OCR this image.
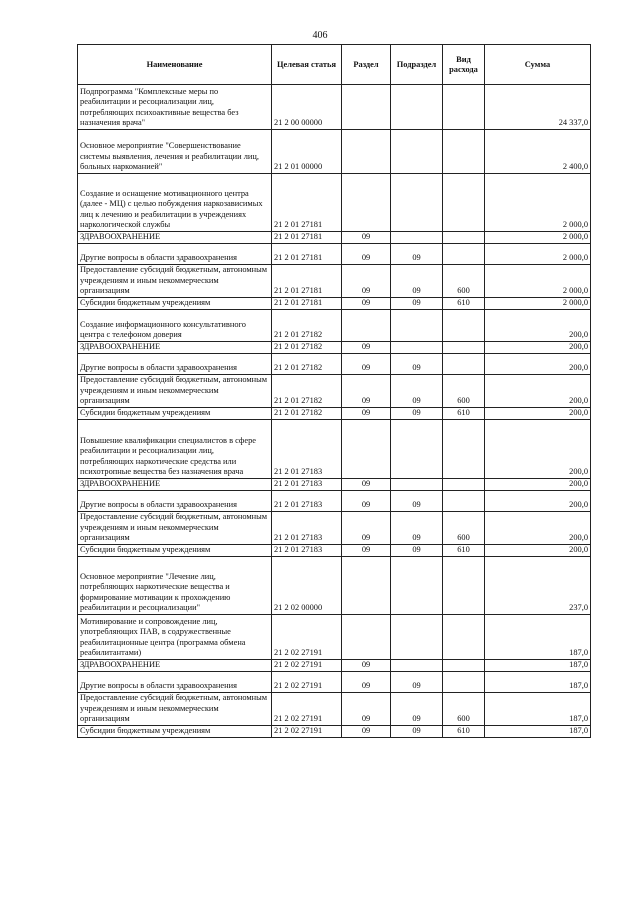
406
Наименование	Целевая статья	Раздел	Подраздел	Вид расхода	Сумма
Подпрограмма "Комплексные меры по реабилитации и ресоциализации лиц, потребляющих психоактивные вещества без назначения врача"	21 2 00 00000				24 337,0
Основное мероприятие "Совершенствование системы выявления, лечения и реабилитации лиц, больных наркоманией"	21 2 01 00000				2 400,0
Создание и оснащение мотивационного центра (далее - МЦ) с целью побуждения наркозависимых лиц к лечению и реабилитации в учреждениях наркологической службы	21 2 01 27181				2 000,0
ЗДРАВООХРАНЕНИЕ	21 2 01 27181	09			2 000,0
Другие вопросы в области здравоохранения	21 2 01 27181	09	09		2 000,0
Предоставление субсидий бюджетным, автономным учреждениям и иным некоммерческим организациям	21 2 01 27181	09	09	600	2 000,0
Субсидии бюджетным учреждениям	21 2 01 27181	09	09	610	2 000,0
Создание информационного консультативного центра с телефоном доверия	21 2 01 27182				200,0
ЗДРАВООХРАНЕНИЕ	21 2 01 27182	09			200,0
Другие вопросы в области здравоохранения	21 2 01 27182	09	09		200,0
Предоставление субсидий бюджетным, автономным учреждениям и иным некоммерческим организациям	21 2 01 27182	09	09	600	200,0
Субсидии бюджетным учреждениям	21 2 01 27182	09	09	610	200,0
Повышение квалификации специалистов в сфере реабилитации и ресоциализации лиц, потребляющих наркотические средства или психотропные вещества без назначения врача	21 2 01 27183				200,0
ЗДРАВООХРАНЕНИЕ	21 2 01 27183	09			200,0
Другие вопросы в области здравоохранения	21 2 01 27183	09	09		200,0
Предоставление субсидий бюджетным, автономным учреждениям и иным некоммерческим организациям	21 2 01 27183	09	09	600	200,0
Субсидии бюджетным учреждениям	21 2 01 27183	09	09	610	200,0
Основное мероприятие "Лечение лиц, потребляющих наркотические вещества и формирование мотивации к прохождению реабилитации и ресоциализации"	21 2 02 00000				237,0
Мотивирование и сопровождение лиц, употребляющих ПАВ, в содружественные реабилитационные центра (программа обмена реабилитантами)	21 2 02 27191				187,0
ЗДРАВООХРАНЕНИЕ	21 2 02 27191	09			187,0
Другие вопросы в области здравоохранения	21 2 02 27191	09	09		187,0
Предоставление субсидий бюджетным, автономным учреждениям и иным некоммерческим организациям	21 2 02 27191	09	09	600	187,0
Субсидии бюджетным учреждениям	21 2 02 27191	09	09	610	187,0
